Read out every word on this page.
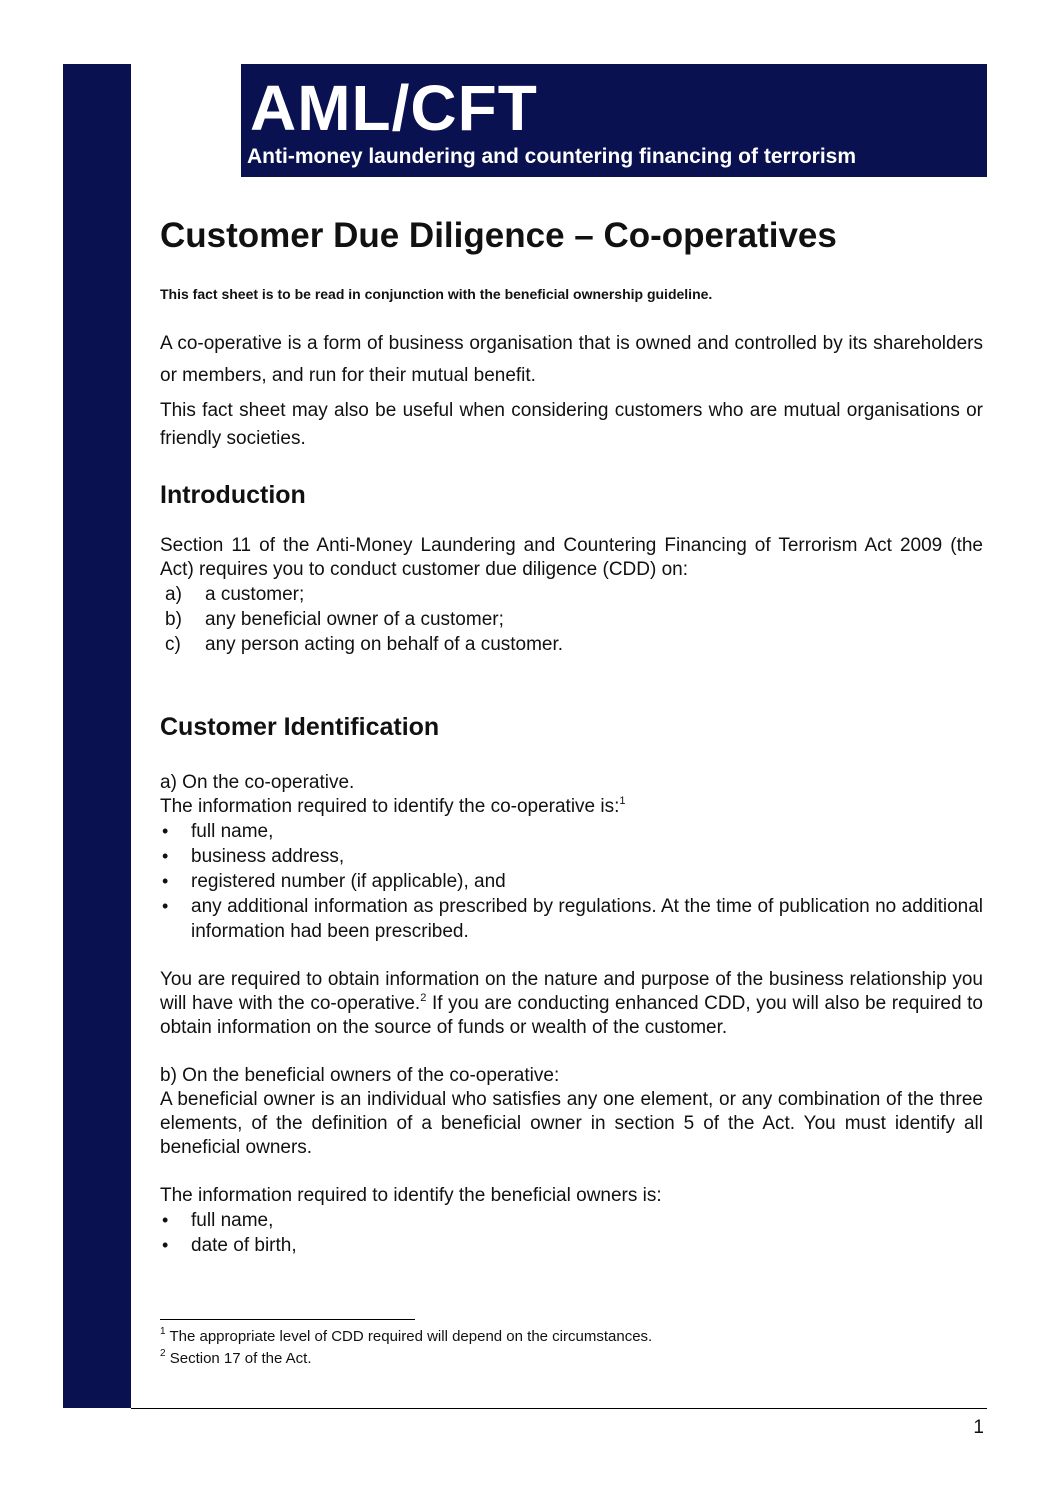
AML/CFT
Anti-money laundering and countering financing of terrorism
Customer Due Diligence – Co-operatives
This fact sheet is to be read in conjunction with the beneficial ownership guideline.

A co-operative is a form of business organisation that is owned and controlled by its shareholders or members, and run for their mutual benefit.

This fact sheet may also be useful when considering customers who are mutual organisations or friendly societies.

Introduction

Section 11 of the Anti-Money Laundering and Countering Financing of Terrorism Act 2009 (the Act) requires you to conduct customer due diligence (CDD) on:

a) a customer;
b) any beneficial owner of a customer;
c) any person acting on behalf of a customer.
Customer Identification

a) On the co-operative.

The information required to identify the co-operative is:$^1$

• full name,
• business address,
• registered number (if applicable), and
• any additional information as prescribed by regulations. At the time of publication no additional information had been prescribed.

You are required to obtain information on the nature and purpose of the business relationship you will have with the co-operative.$^2$ If you are conducting enhanced CDD, you will also be required to obtain information on the source of funds or wealth of the customer.

b) On the beneficial owners of the co-operative:

A beneficial owner is an individual who satisfies any one element, or any combination of the three elements, of the definition of a beneficial owner in section 5 of the Act. You must identify all beneficial owners.

The information required to identify the beneficial owners is:

• full name,
• date of birth,
$^1$ The appropriate level of CDD required will depend on the circumstances.
$^2$ Section 17 of the Act.
1
